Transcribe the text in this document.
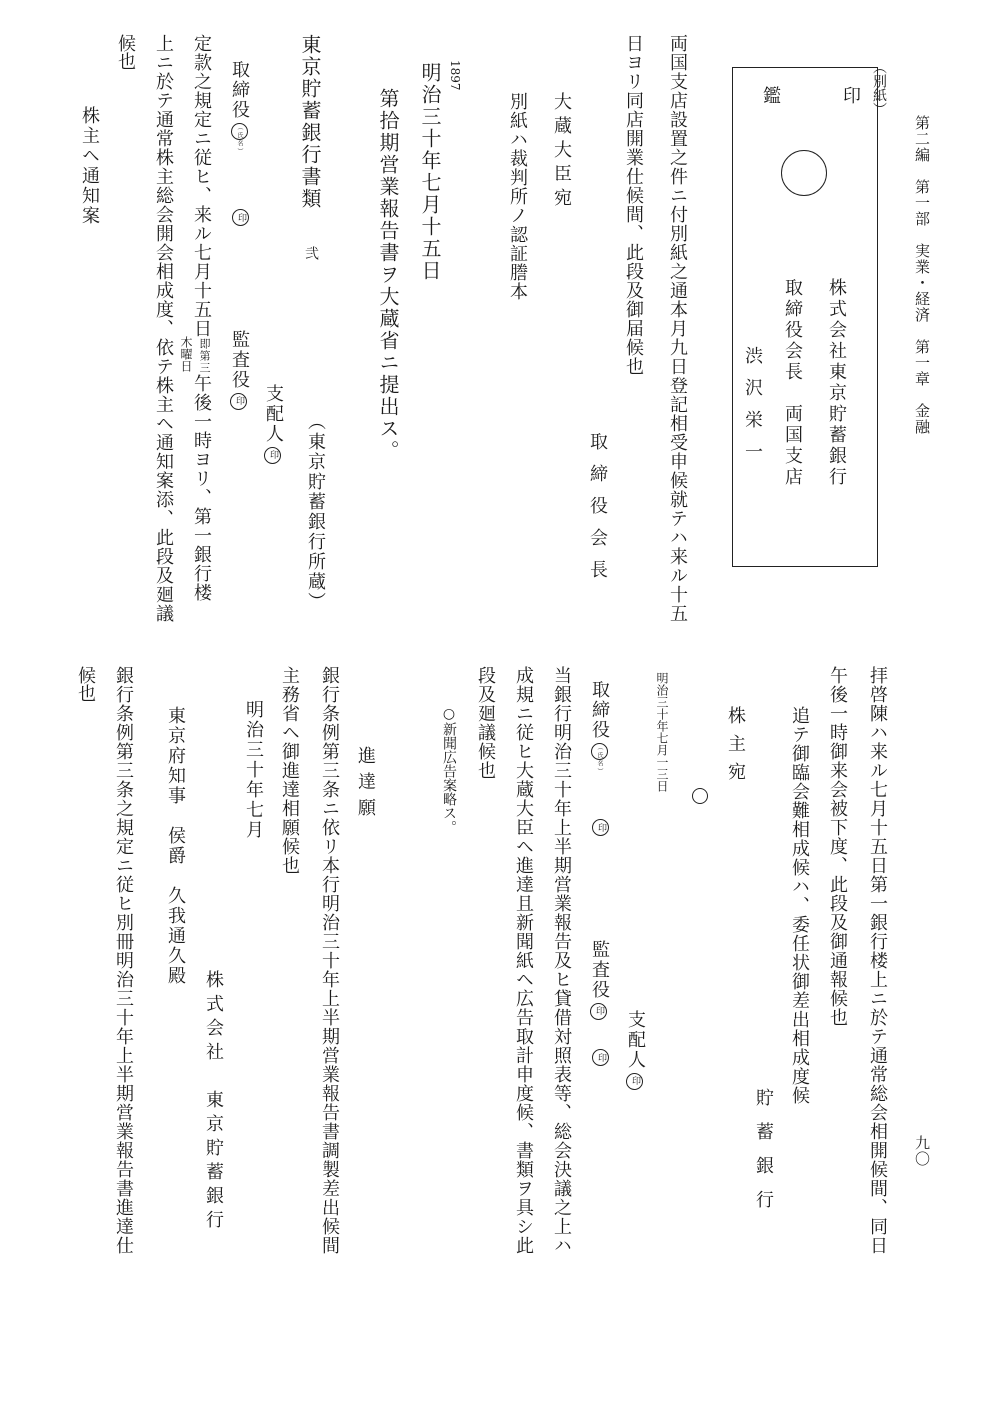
第二編　第一部　実業・経済　第一章　金融
九〇
（別紙）
印
鑑
株式会社東京貯蓄銀行
取締役会長　両国支店
渋沢栄一
両国支店設置之件ニ付別紙之通本月九日登記相受申候就テハ来ル十五
日ヨリ同店開業仕候間、此段及御届候也
取締役会長
大蔵大臣宛
別紙ハ裁判所ノ認証謄本
1897
明治三十年七月十五日
第拾期営業報告書ヲ大蔵省ニ提出ス。
東京貯蓄銀行書類
弐
（東京貯蓄銀行所蔵）
支配人印
取締役（氏名）
印
監査役印
定款之規定ニ従ヒ、来ル七月十五日即第三午後一時ヨリ、第一銀行楼
木曜日
上ニ於テ通常株主総会開会相成度、依テ株主ヘ通知案添、此段及廻議
候也
株主ヘ通知案
拝啓陳ハ来ル七月十五日第一銀行楼上ニ於テ通常総会相開候間、同日
午後一時御来会被下度、此段及御通報候也
追テ御臨会難相成候ハ、委任状御差出相成度候
貯蓄銀行
株主宛
明治三十年七月一三日
支配人印
取締役（氏名）
印
監査役印
印
当銀行明治三十年上半期営業報告及ヒ貸借対照表等、総会決議之上ハ
成規ニ従ヒ大蔵大臣ヘ進達且新聞紙ヘ広告取計申度候、書類ヲ具シ此
段及廻議候也
○新聞広告案略ス。
進達願
銀行条例第三条ニ依リ本行明治三十年上半期営業報告書調製差出候間
主務省ヘ御進達相願候也
明治三十年七月
株式会社　東京貯蓄銀行
東京府知事　侯爵　久我通久殿
銀行条例第三条之規定ニ従ヒ別冊明治三十年上半期営業報告書進達仕
候也
